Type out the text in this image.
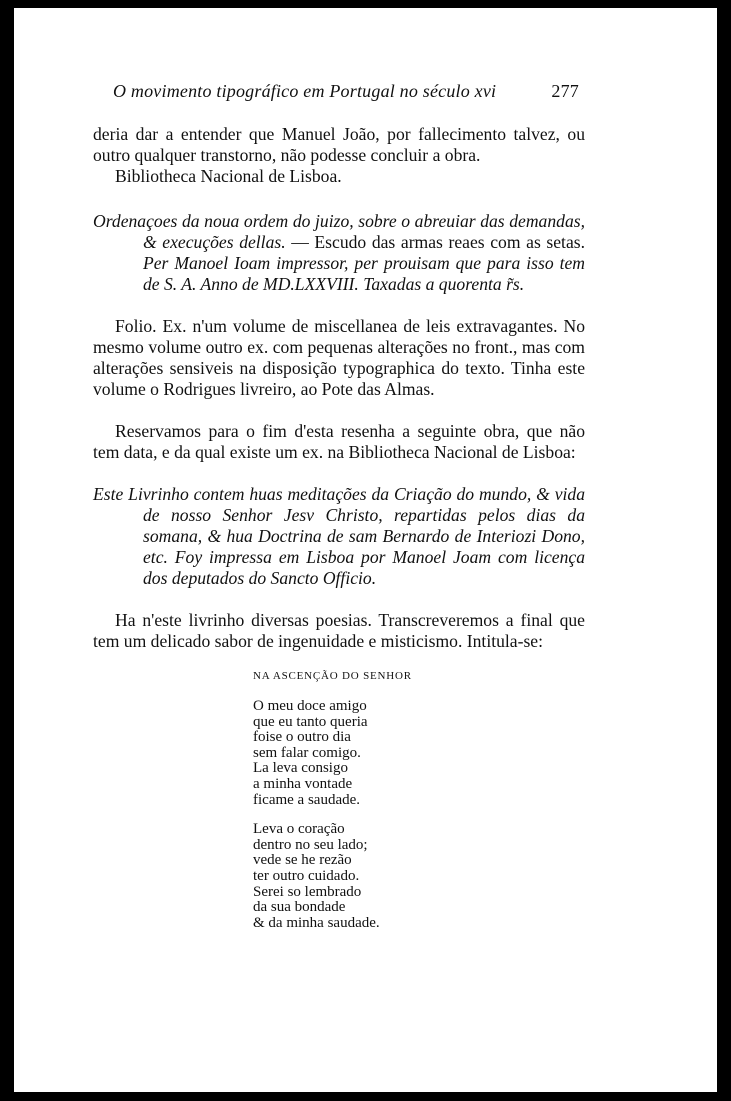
O movimento tipográfico em Portugal no século xvi	277

deria dar a entender que Manuel João, por fallecimento talvez, ou outro qualquer transtorno, não podesse concluir a obra.

Bibliotheca Nacional de Lisboa.

Ordenaçoes da noua ordem do juizo, sobre o abreuiar das demandas, & execuções dellas. — Escudo das armas reaes com as setas. Per Manoel Ioam impressor, per prouisam que para isso tem de S. A. Anno de MD.LXXVIII. Taxadas a quorenta r̃s.

Folio. Ex. n'um volume de miscellanea de leis extravagantes. No mesmo volume outro ex. com pequenas alterações no front., mas com alterações sensiveis na disposição typographica do texto. Tinha este volume o Rodrigues livreiro, ao Pote das Almas.

Reservamos para o fim d'esta resenha a seguinte obra, que não tem data, e da qual existe um ex. na Bibliotheca Nacional de Lisboa:

Este Livrinho contem huas meditações da Criação do mundo, & vida de nosso Senhor Jesv Christo, repartidas pelos dias da somana, & hua Doctrina de sam Bernardo de Interiozi Dono, etc. Foy impressa em Lisboa por Manoel Joam com licença dos deputados do Sancto Officio.

Ha n'este livrinho diversas poesias. Transcreveremos a final que tem um delicado sabor de ingenuidade e misticismo. Intitula-se:

NA ASCENÇÃO DO SENHOR
O meu doce amigo
que eu tanto queria
foise o outro dia
sem falar comigo.
La leva consigo
a minha vontade
ficame a saudade.
Leva o coração
dentro no seu lado;
vede se he rezão
ter outro cuidado.
Serei so lembrado
da sua bondade
& da minha saudade.
